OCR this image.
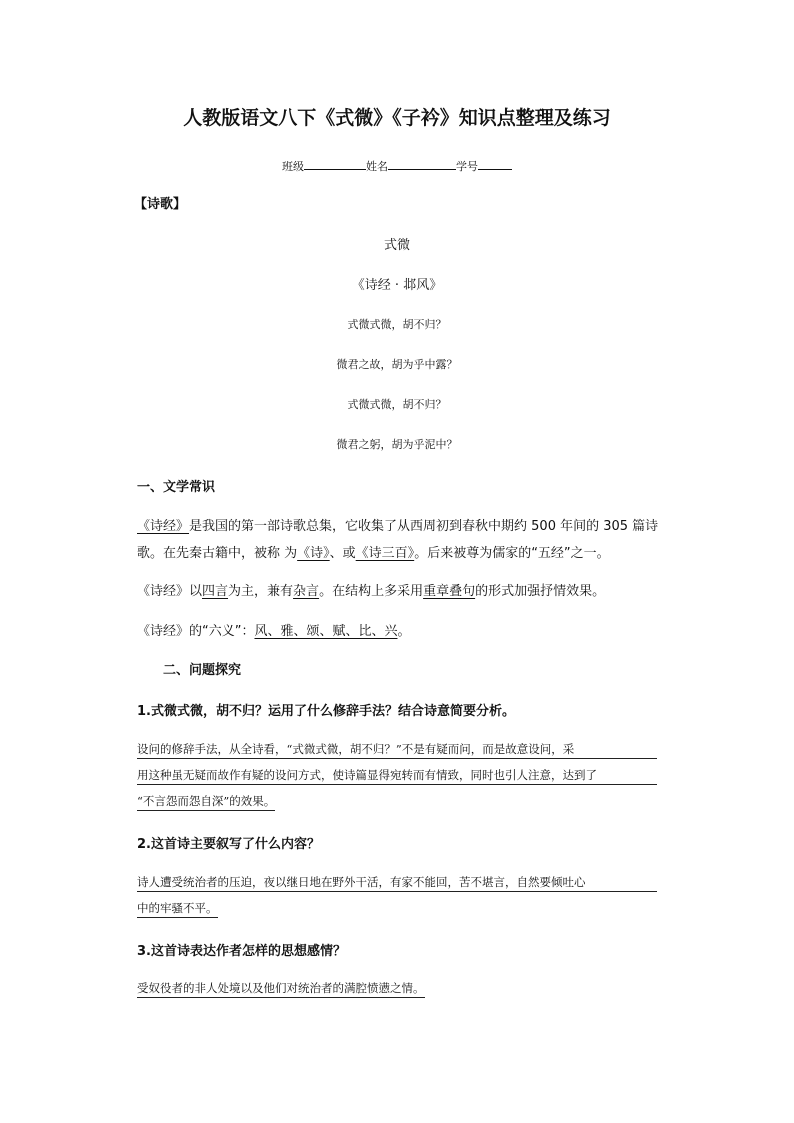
人教版语文八下《式微》《子衿》知识点整理及练习
班级	姓名	学号
【诗歌】
式微
《诗经 · 邶风》
式微式微，胡不归？
微君之故，胡为乎中露？
式微式微，胡不归？
微君之躬，胡为乎泥中？
一、文学常识
《诗经》是我国的第一部诗歌总集，它收集了从西周初到春秋中期约 500 年间的 305 篇诗
歌。在先秦古籍中，被称 为《诗》、或《诗三百》。后来被尊为儒家的“五经”之一。
《诗经》以四言为主，兼有杂言。在结构上多采用重章叠句的形式加强抒情效果。
《诗经》的“六义”：风、雅、颂、赋、比、兴。
二、问题探究
1.式微式微，胡不归？运用了什么修辞手法？结合诗意简要分析。
设问的修辞手法，从全诗看，“式微式微，胡不归？”不是有疑而问，而是故意设问，采
用这种虽无疑而故作有疑的设问方式，使诗篇显得宛转而有情致，同时也引人注意，达到了
“不言怨而怨自深”的效果。
2.这首诗主要叙写了什么内容？
诗人遭受统治者的压迫，夜以继日地在野外干活，有家不能回，苦不堪言，自然要倾吐心
中的牢骚不平。
3.这首诗表达作者怎样的思想感情？
受奴役者的非人处境以及他们对统治者的满腔愤懑之情。
